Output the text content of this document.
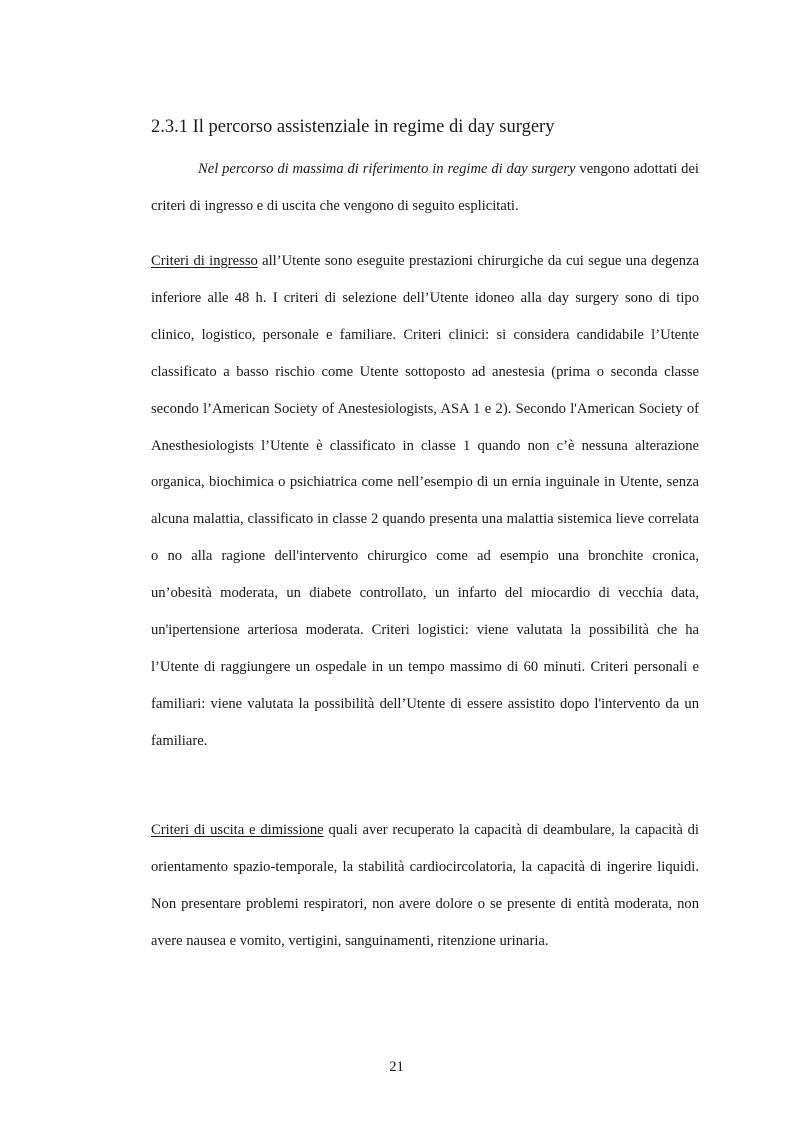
2.3.1 Il percorso assistenziale in regime di day surgery
Nel percorso di massima di riferimento in regime di day surgery vengono adottati dei criteri di ingresso e di uscita che vengono di seguito esplicitati.
Criteri di ingresso all’Utente sono eseguite prestazioni chirurgiche da cui segue una degenza inferiore alle 48 h. I criteri di selezione dell’Utente idoneo alla day surgery sono di tipo clinico, logistico, personale e familiare. Criteri clinici: si considera candidabile l’Utente classificato a basso rischio come Utente sottoposto ad anestesia (prima o seconda classe secondo l’American Society of Anestesiologists, ASA 1 e 2). Secondo l'American Society of Anesthesiologists l’Utente è classificato in classe 1 quando non c’è nessuna alterazione organica, biochimica o psichiatrica come nell’esempio di un ernia inguinale in Utente, senza alcuna malattia, classificato in classe 2 quando presenta una malattia sistemica lieve correlata o no alla ragione dell'intervento chirurgico come ad esempio una bronchite cronica, un’obesità moderata, un diabete controllato, un infarto del miocardio di vecchia data, un'ipertensione arteriosa moderata. Criteri logistici: viene valutata la possibilità che ha l’Utente di raggiungere un ospedale in un tempo massimo di 60 minuti. Criteri personali e familiari: viene valutata la possibilità dell’Utente di essere assistito dopo l'intervento da un familiare.
Criteri di uscita e dimissione quali aver recuperato la capacità di deambulare, la capacità di orientamento spazio-temporale, la stabilità cardiocircolatoria, la capacità di ingerire liquidi. Non presentare problemi respiratori, non avere dolore o se presente di entità moderata, non avere nausea e vomito, vertigini, sanguinamenti, ritenzione urinaria.
21
